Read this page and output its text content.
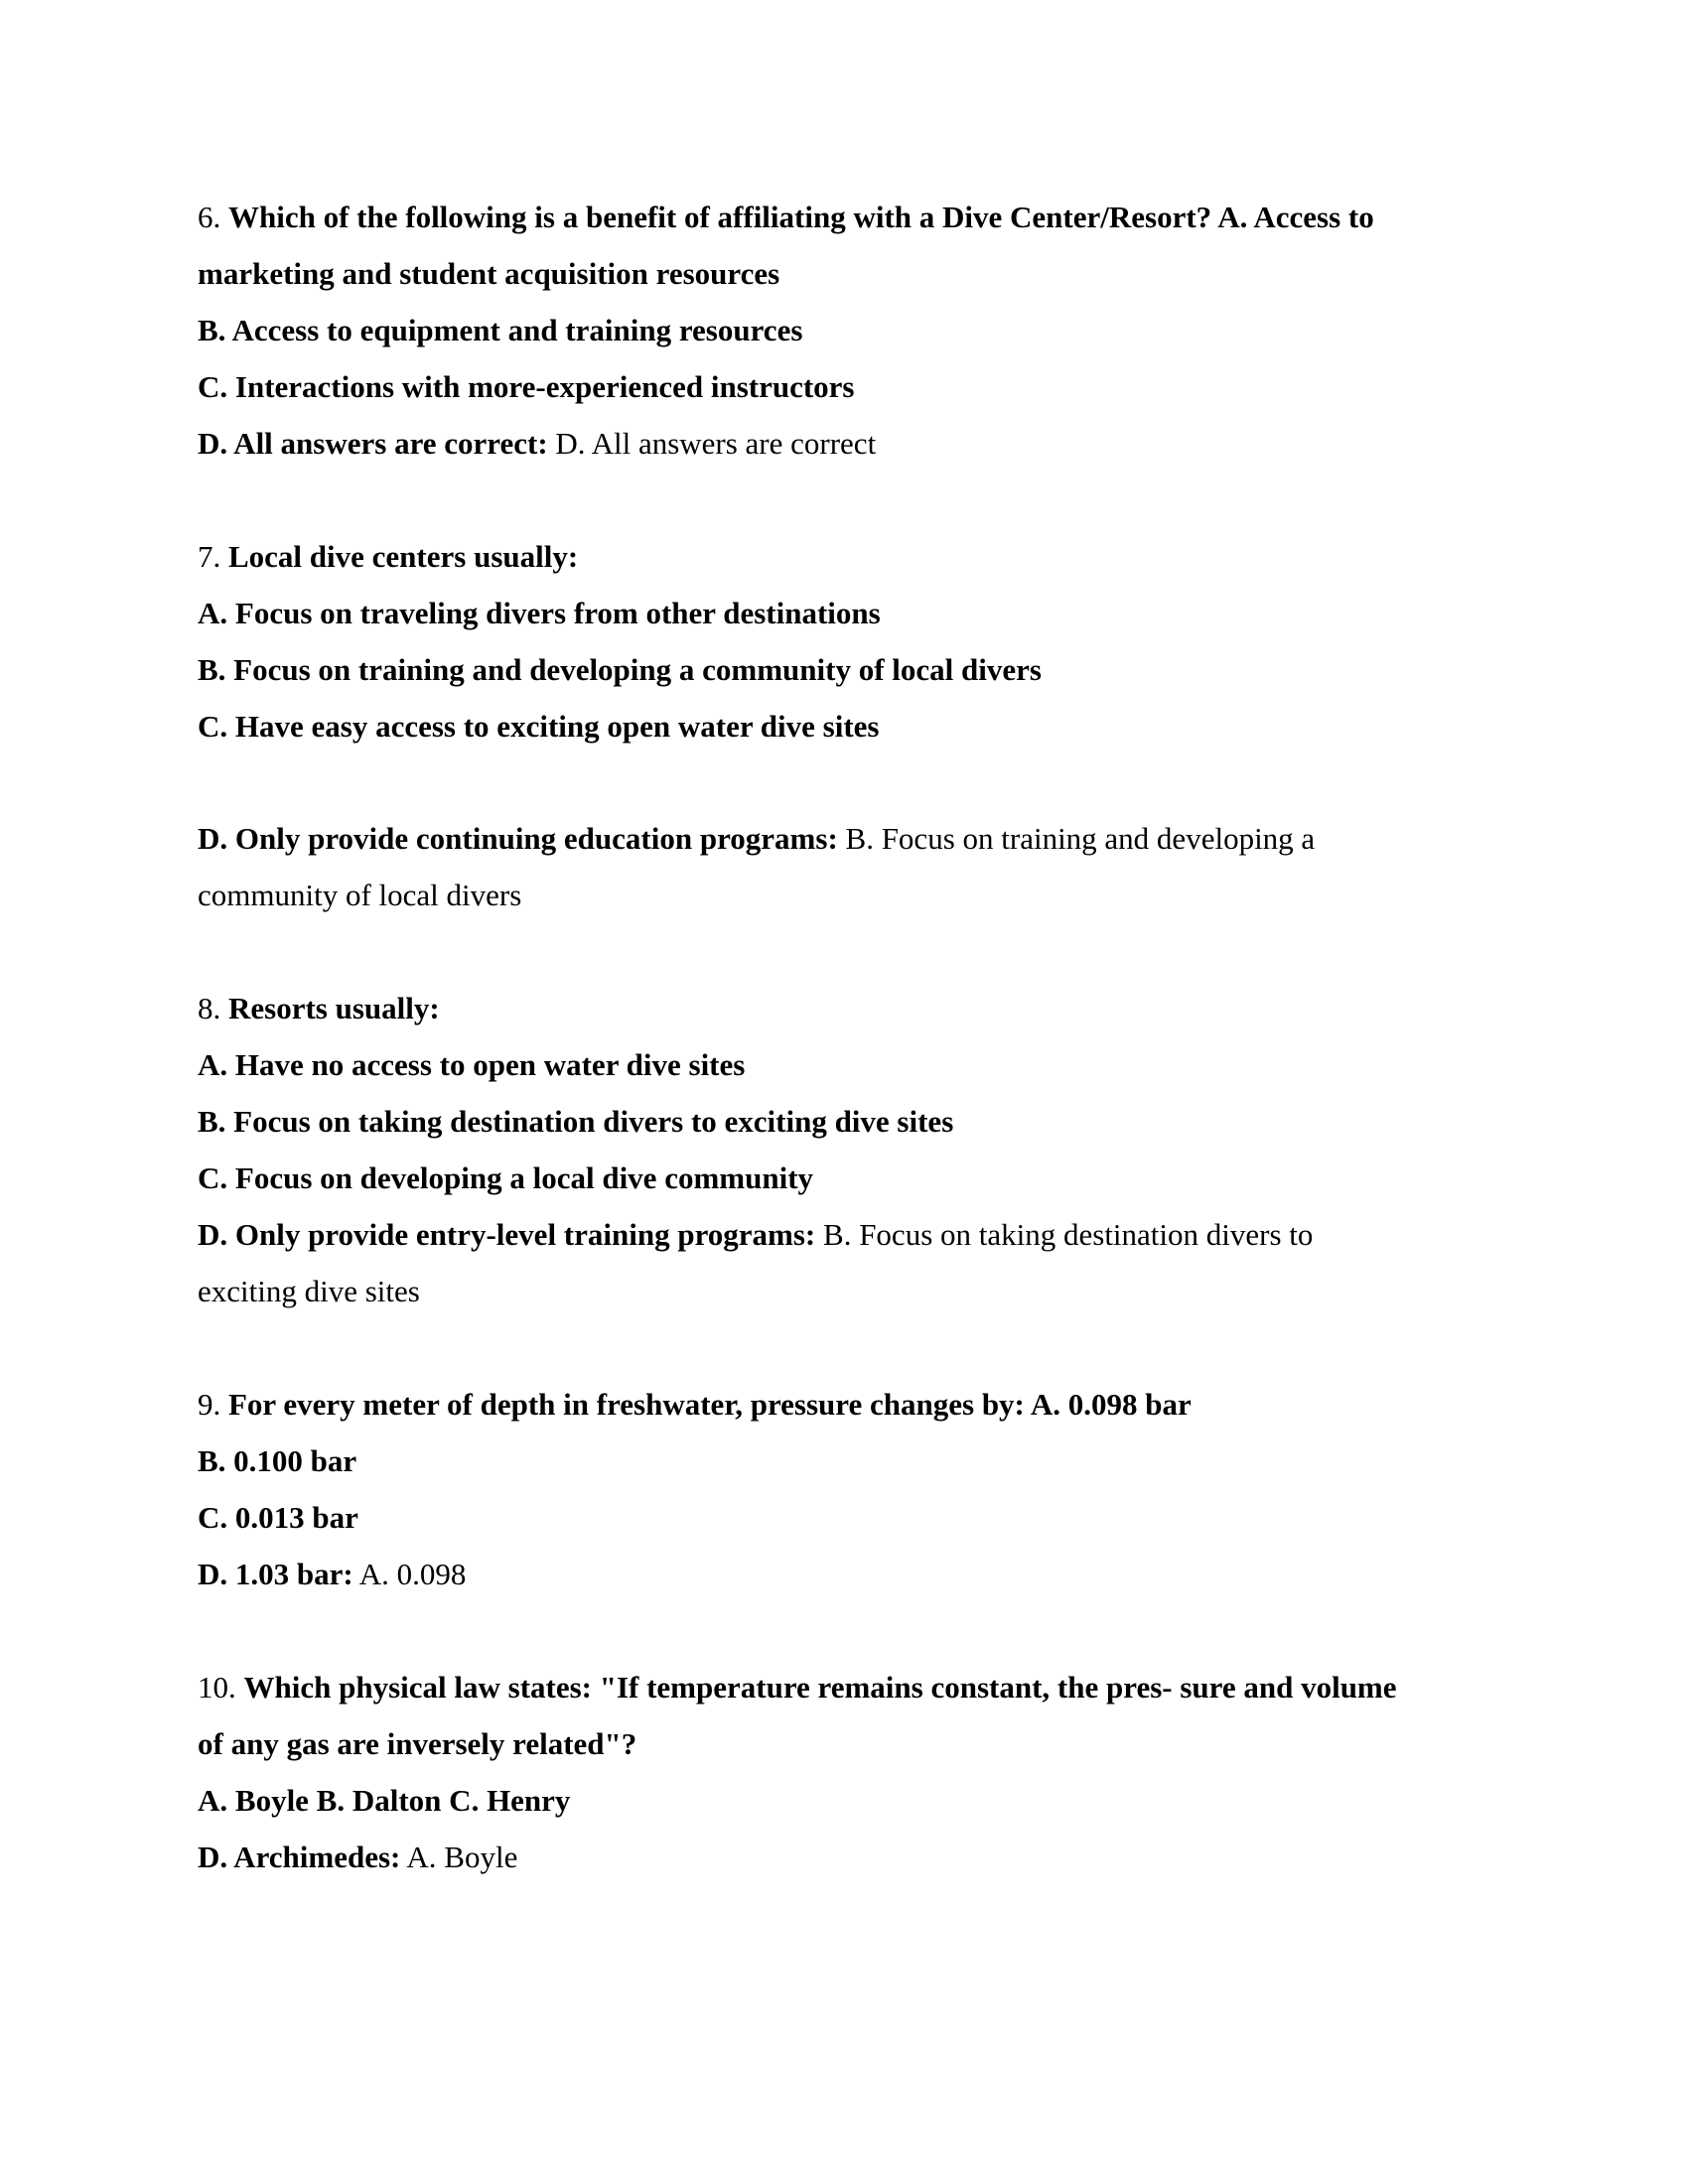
6. Which of the following is a benefit of affiliating with a Dive Center/Resort? A. Access to
marketing and student acquisition resources
B. Access to equipment and training resources
C. Interactions with more-experienced instructors
D. All answers are correct: D. All answers are correct
7. Local dive centers usually:
A. Focus on traveling divers from other destinations
B. Focus on training and developing a community of local divers
C. Have easy access to exciting open water dive sites
D. Only provide continuing education programs: B. Focus on training and developing a
community of local divers
8. Resorts usually:
A. Have no access to open water dive sites
B. Focus on taking destination divers to exciting dive sites
C. Focus on developing a local dive community
D. Only provide entry-level training programs: B. Focus on taking destination divers to
exciting dive sites
9. For every meter of depth in freshwater, pressure changes by: A. 0.098 bar
B. 0.100 bar
C. 0.013 bar
D. 1.03 bar: A. 0.098
10. Which physical law states: "If temperature remains constant, the pres- sure and volume
of any gas are inversely related"?
A. Boyle B. Dalton C. Henry
D. Archimedes: A. Boyle
